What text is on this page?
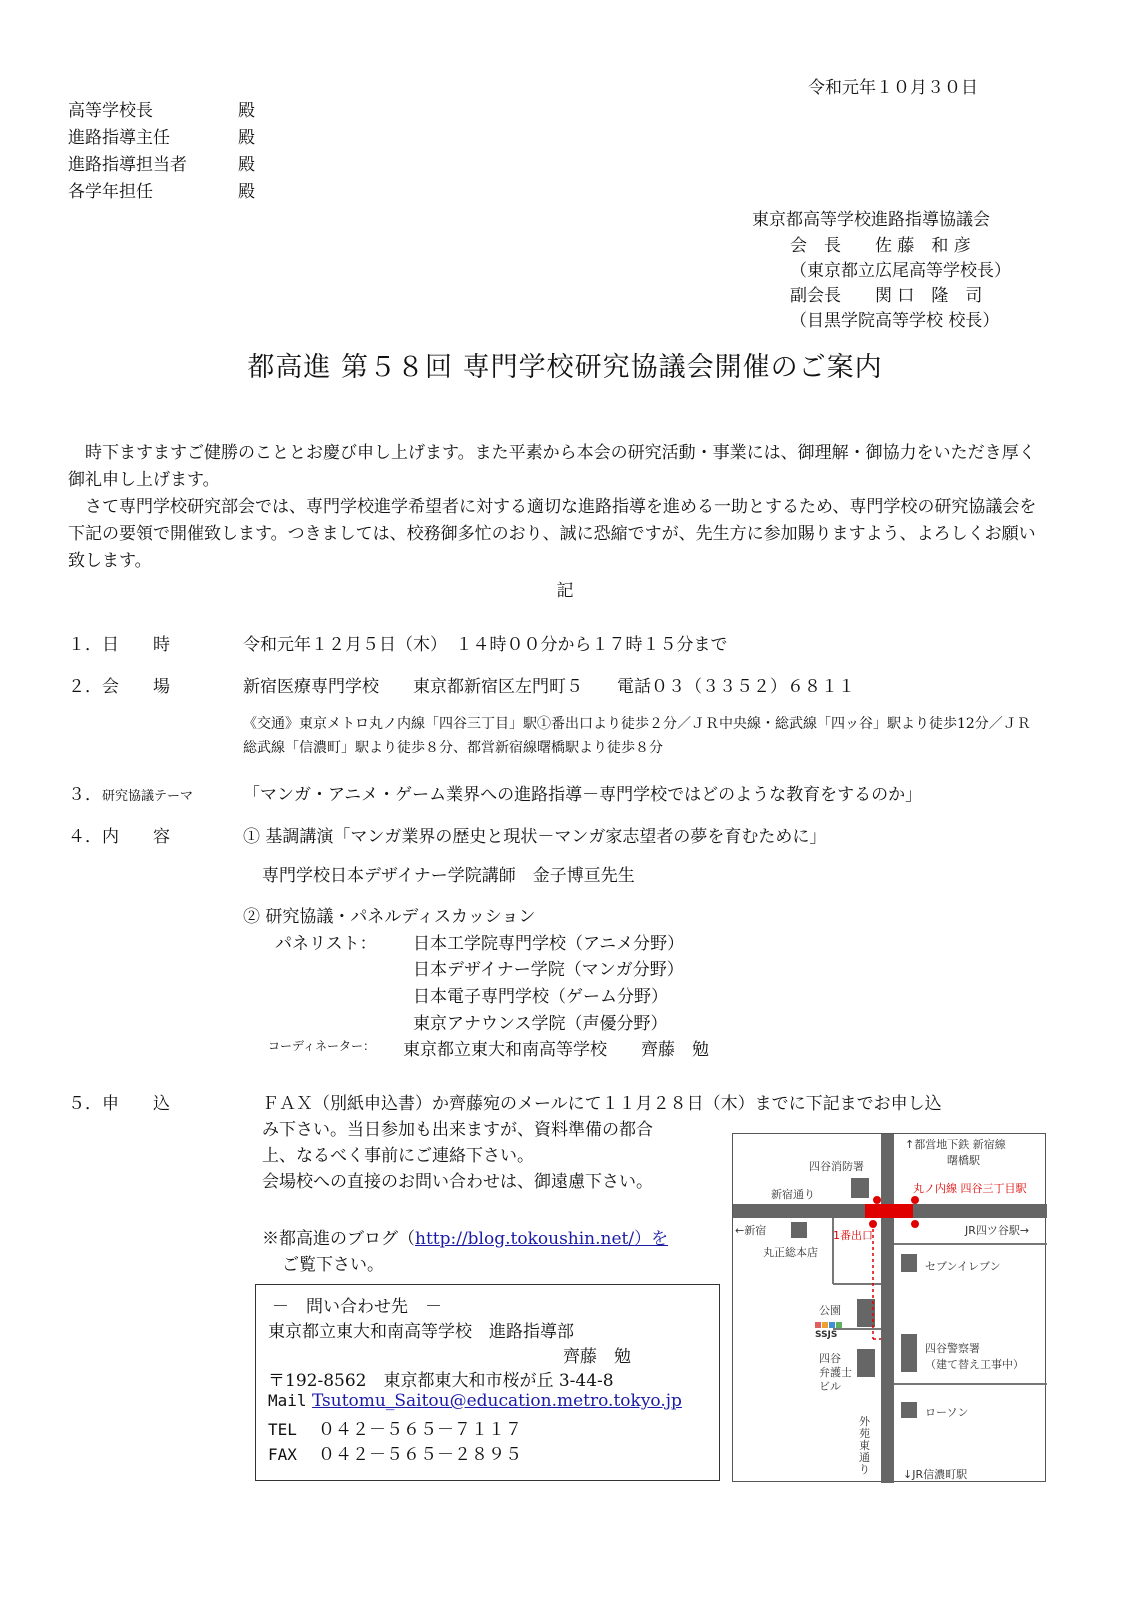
令和元年１０月３０日
高等学校長	殿
進路指導主任	殿
進路指導担当者	殿
各学年担任	殿
東京都高等学校進路指導協議会
会　長　　佐 藤　和 彦
（東京都立広尾高等学校長）
副会長　　関 口　隆　司
（目黒学院高等学校 校長）
都高進 第５８回 専門学校研究協議会開催のご案内
時下ますますご健勝のこととお慶び申し上げます。また平素から本会の研究活動・事業には、御理解・御協力をいただき厚く御礼申し上げます。
さて専門学校研究部会では、専門学校進学希望者に対する適切な進路指導を進める一助とするため、専門学校の研究協議会を下記の要領で開催致します。つきましては、校務御多忙のおり、誠に恐縮ですが、先生方に参加賜りますよう、よろしくお願い致します。
記
１．日　　時	令和元年１２月５日（木）　１４時００分から１７時１５分まで
２．会　　場	新宿医療専門学校　　東京都新宿区左門町５　　電話０３（３３５２）６８１１
《交通》東京メトロ丸ノ内線「四谷三丁目」駅①番出口より徒歩２分／ＪＲ中央線・総武線「四ッ谷」駅より徒歩12分／ＪＲ総武線「信濃町」駅より徒歩８分、都営新宿線曙橋駅より徒歩８分
３．研究協議テーマ	「マンガ・アニメ・ゲーム業界への進路指導－専門学校ではどのような教育をするのか」
４．内　　容	① 基調講演「マンガ業界の歴史と現状－マンガ家志望者の夢を育むために」
専門学校日本デザイナー学院講師　金子博亘先生
② 研究協議・パネルディスカッション
パネリスト： 日本工学院専門学校（アニメ分野）
日本デザイナー学院（マンガ分野）
日本電子専門学校（ゲーム分野）
東京アナウンス学院（声優分野）
コーディネーター： 東京都立東大和南高等学校　　齊藤　勉
５．申　　込	ＦＡＸ（別紙申込書）か齊藤宛のメールにて１１月２８日（木）までに下記までお申し込
み下さい。当日参加も出来ますが、資料準備の都合
上、なるべく事前にご連絡下さい。
会場校への直接のお問い合わせは、御遠慮下さい。
※都高進のブログ（http://blog.tokoushin.net/）を
ご覧下さい。
－　問い合わせ先　－
東京都立東大和南高等学校　進路指導部
齊藤　勉
〒192-8562　東京都東大和市桜が丘 3-44-8
Mail Tsutomu_Saitou@education.metro.tokyo.jp
TEL ０４２－５６５－７１１７
FAX ０４２－５６５－２８９５
↑都営地下鉄 新宿線
曙橋駅
四谷消防署
新宿通り	丸ノ内線 四谷三丁目駅
←新宿	JR四ツ谷駅→
1番出口
丸正総本店
セブンイレブン
公園
SSJS
四谷警察署
（建て替え工事中）
四谷
弁護士
ビル
ローソン
外苑東通り	↓JR信濃町駅
